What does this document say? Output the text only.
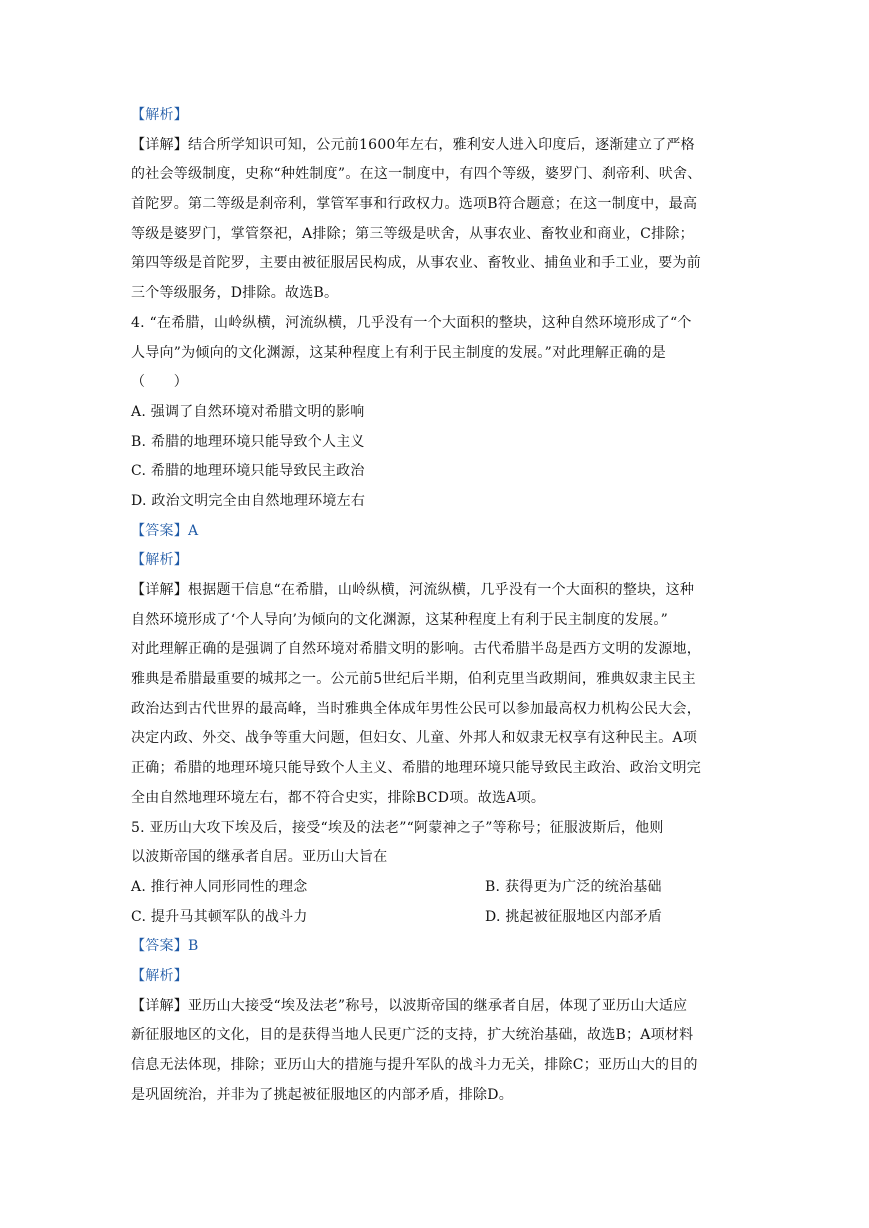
【解析】
【详解】结合所学知识可知，公元前1600年左右，雅利安人进入印度后，逐渐建立了严格
的社会等级制度，史称“种姓制度”。在这一制度中，有四个等级，婆罗门、刹帝利、吠舍、
首陀罗。第二等级是刹帝利，掌管军事和行政权力。选项B符合题意；在这一制度中，最高
等级是婆罗门，掌管祭祀，A排除；第三等级是吠舍，从事农业、畜牧业和商业，C排除；
第四等级是首陀罗，主要由被征服居民构成，从事农业、畜牧业、捕鱼业和手工业，要为前
三个等级服务，D排除。故选B。
4. “在希腊，山岭纵横，河流纵横，几乎没有一个大面积的整块，这种自然环境形成了“个
人导向”为倾向的文化渊源，这某种程度上有利于民主制度的发展。”对此理解正确的是
（　　）
A. 强调了自然环境对希腊文明的影响
B. 希腊的地理环境只能导致个人主义
C. 希腊的地理环境只能导致民主政治
D. 政治文明完全由自然地理环境左右
【答案】A
【解析】
【详解】根据题干信息“在希腊，山岭纵横，河流纵横，几乎没有一个大面积的整块，这种
自然环境形成了‘个人导向’为倾向的文化渊源，这某种程度上有利于民主制度的发展。”
对此理解正确的是强调了自然环境对希腊文明的影响。古代希腊半岛是西方文明的发源地，
雅典是希腊最重要的城邦之一。公元前5世纪后半期，伯利克里当政期间，雅典奴隶主民主
政治达到古代世界的最高峰，当时雅典全体成年男性公民可以参加最高权力机构公民大会，
决定内政、外交、战争等重大问题，但妇女、儿童、外邦人和奴隶无权享有这种民主。A项
正确；希腊的地理环境只能导致个人主义、希腊的地理环境只能导致民主政治、政治文明完
全由自然地理环境左右，都不符合史实，排除BCD项。故选A项。
5. 亚历山大攻下埃及后，接受“埃及的法老”“阿蒙神之子”等称号；征服波斯后，他则
以波斯帝国的继承者自居。亚历山大旨在
A. 推行神人同形同性的理念	B. 获得更为广泛的统治基础
C. 提升马其顿军队的战斗力	D. 挑起被征服地区内部矛盾
【答案】B
【解析】
【详解】亚历山大接受“埃及法老”称号，以波斯帝国的继承者自居，体现了亚历山大适应
新征服地区的文化，目的是获得当地人民更广泛的支持，扩大统治基础，故选B；A项材料
信息无法体现，排除；亚历山大的措施与提升军队的战斗力无关，排除C；亚历山大的目的
是巩固统治，并非为了挑起被征服地区的内部矛盾，排除D。
